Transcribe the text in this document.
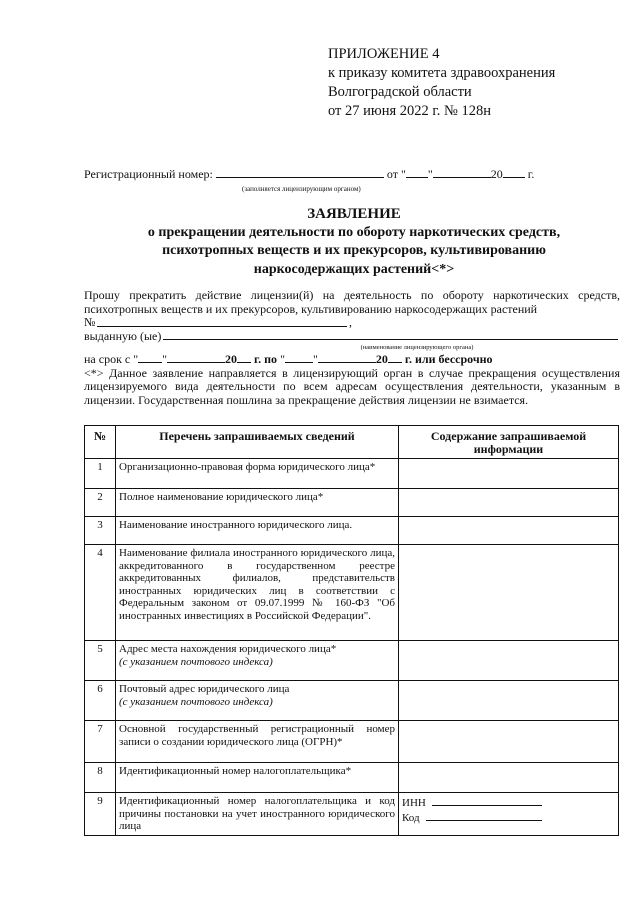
ПРИЛОЖЕНИЕ 4
к приказу комитета здравоохранения
Волгоградской области
от 27 июня 2022 г. № 128н
Регистрационный номер:	от " "	20 г.
(заполняется лицензирующим органом)
ЗАЯВЛЕНИЕ
о прекращении деятельности по обороту наркотических средств,
психотропных веществ и их прекурсоров, культивированию
наркосодержащих растений<*>
Прошу прекратить действие лицензии(й) на деятельность по обороту наркотических средств, психотропных веществ и их прекурсоров, культивированию наркосодержащих растений
№	,
выданную (ые)
(наименование лицензирующего органа)
на срок с " "	20 г. по " "	20 г. или бессрочно
<*> Данное заявление направляется в лицензирующий орган в случае прекращения осуществления лицензируемого вида деятельности по всем адресам осуществления деятельности, указанным в лицензии. Государственная пошлина за прекращение действия лицензии не взимается.
№	Перечень запрашиваемых сведений	Содержание запрашиваемой информации
1	Организационно-правовая форма юридического лица*	
2	Полное наименование юридического лица*	
3	Наименование иностранного юридического лица.	
4	Наименование филиала иностранного юридического лица, аккредитованного в государственном реестре аккредитованных филиалов, представительств иностранных юридических лиц в соответствии с Федеральным законом от 09.07.1999 № 160-ФЗ "Об иностранных инвестициях в Российской Федерации".	
5	Адрес места нахождения юридического лица*
(с указанием почтового индекса)	

6	Почтовый адрес юридического лица
(с указанием почтового индекса)	

7	Основной государственный регистрационный номер записи о создании юридического лица (ОГРН)*	
8	Идентификационный номер налогоплательщика*	
9	Идентификационный номер налогоплательщика и код причины постановки на учет иностранного юридического лица	ИНН
Код
